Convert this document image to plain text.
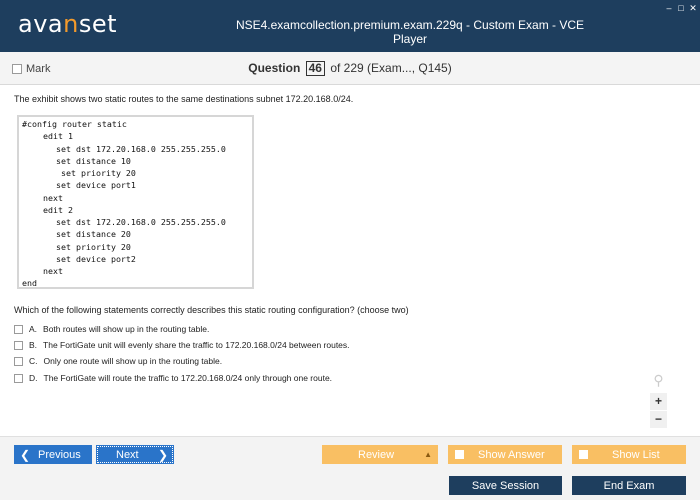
avanset	NSE4.examcollection.premium.exam.229q - Custom Exam - VCE Player
– □ ✕
Mark	Question 46 of 229 (Exam..., Q145)
The exhibit shows two static routes to the same destinations subnet 172.20.168.0/24.
#config router static
edit 1
set dst 172.20.168.0 255.255.255.0
set distance 10
set priority 20
set device port1
next
edit 2
set dst 172.20.168.0 255.255.255.0
set distance 20
set priority 20
set device port2
next
end
Which of the following statements correctly describes this static routing configuration? (choose two)
A. Both routes will show up in the routing table.
B. The FortiGate unit will evenly share the traffic to 172.20.168.0/24 between routes.
C. Only one route will show up in the routing table.
D. The FortiGate will route the traffic to 172.20.168.0/24 only through one route.	⚲
+
−
❮ Previous	Next ❯	Review	▲	Show Answer	Show List
Save Session	End Exam
